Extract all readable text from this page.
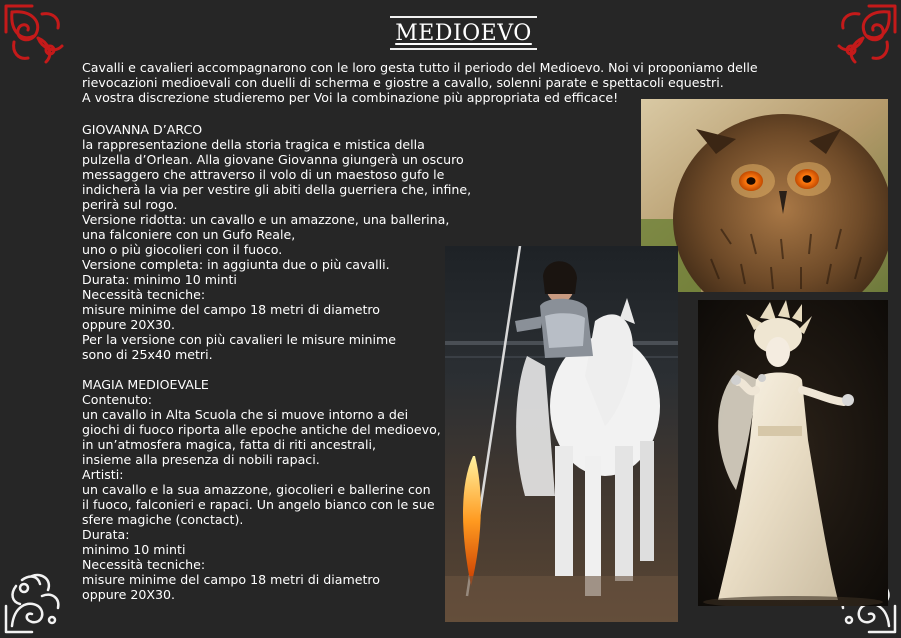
MEDIOEVO

Cavalli e cavalieri accompagnarono con le loro gesta tutto il periodo del Medioevo. Noi vi proponiamo delle

rievocazioni medioevali con duelli di scherma e giostre a cavallo, solenni parate e spettacoli equestri.

A vostra discrezione studieremo per Voi la combinazione più appropriata ed efficace!

GIOVANNA D’ARCO

la rappresentazione della storia tragica e mistica della

pulzella d’Orlean. Alla giovane Giovanna giungerà un oscuro

messaggero che attraverso il volo di un maestoso gufo le

indicherà la via per vestire gli abiti della guerriera che, infine,

perirà sul rogo.

Versione ridotta: un cavallo e un amazzone, una ballerina,

una falconiere con un Gufo Reale,

uno o più giocolieri con il fuoco.

Versione completa: in aggiunta due o più cavalli.

Durata: minimo 10 minti

Necessità tecniche:

misure minime del campo 18 metri di diametro

oppure 20X30.

Per la versione con più cavalieri le misure minime

sono di 25x40 metri.

MAGIA MEDIOEVALE

Contenuto:

un cavallo in Alta Scuola che si muove intorno a dei

giochi di fuoco riporta alle epoche antiche del medioevo,

in un’atmosfera magica, fatta di riti ancestrali,

insieme alla presenza di nobili rapaci.

Artisti:

un cavallo e la sua amazzone, giocolieri e ballerine con

il fuoco, falconieri e rapaci. Un angelo bianco con le sue

sfere magiche (conctact).

Durata:

minimo 10 minti

Necessità tecniche:

misure minime del campo 18 metri di diametro

oppure 20X30.
